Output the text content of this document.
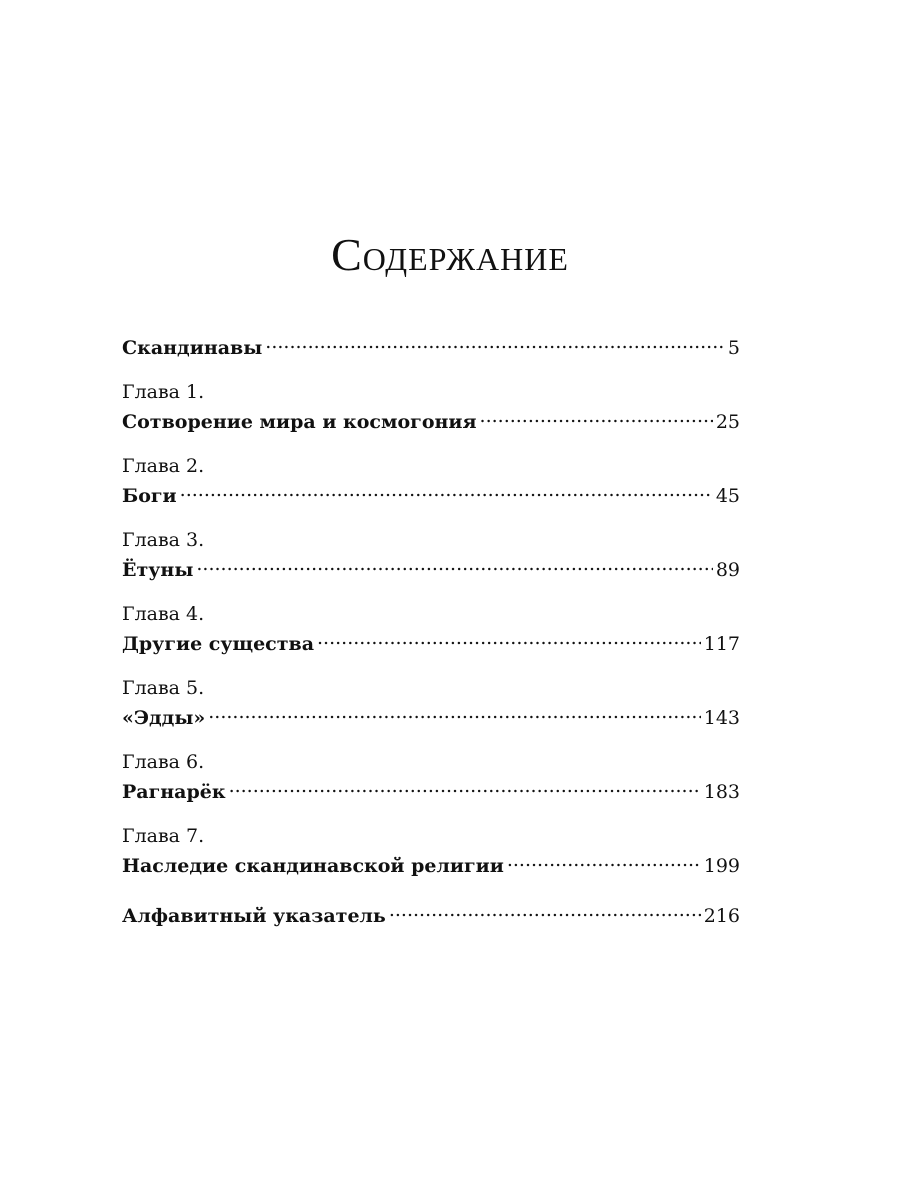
Содержание
Скандинавы .....	5
Глава 1.
Сотворение мира и космогония .....	25
Глава 2.
Боги .....	45
Глава 3.
Ётуны .....	89
Глава 4.
Другие существа .....	117
Глава 5.
«Эдды» .....	143
Глава 6.
Рагнарёк .....	183
Глава 7.
Наследие скандинавской религии .....	199
Алфавитный указатель .....	216
